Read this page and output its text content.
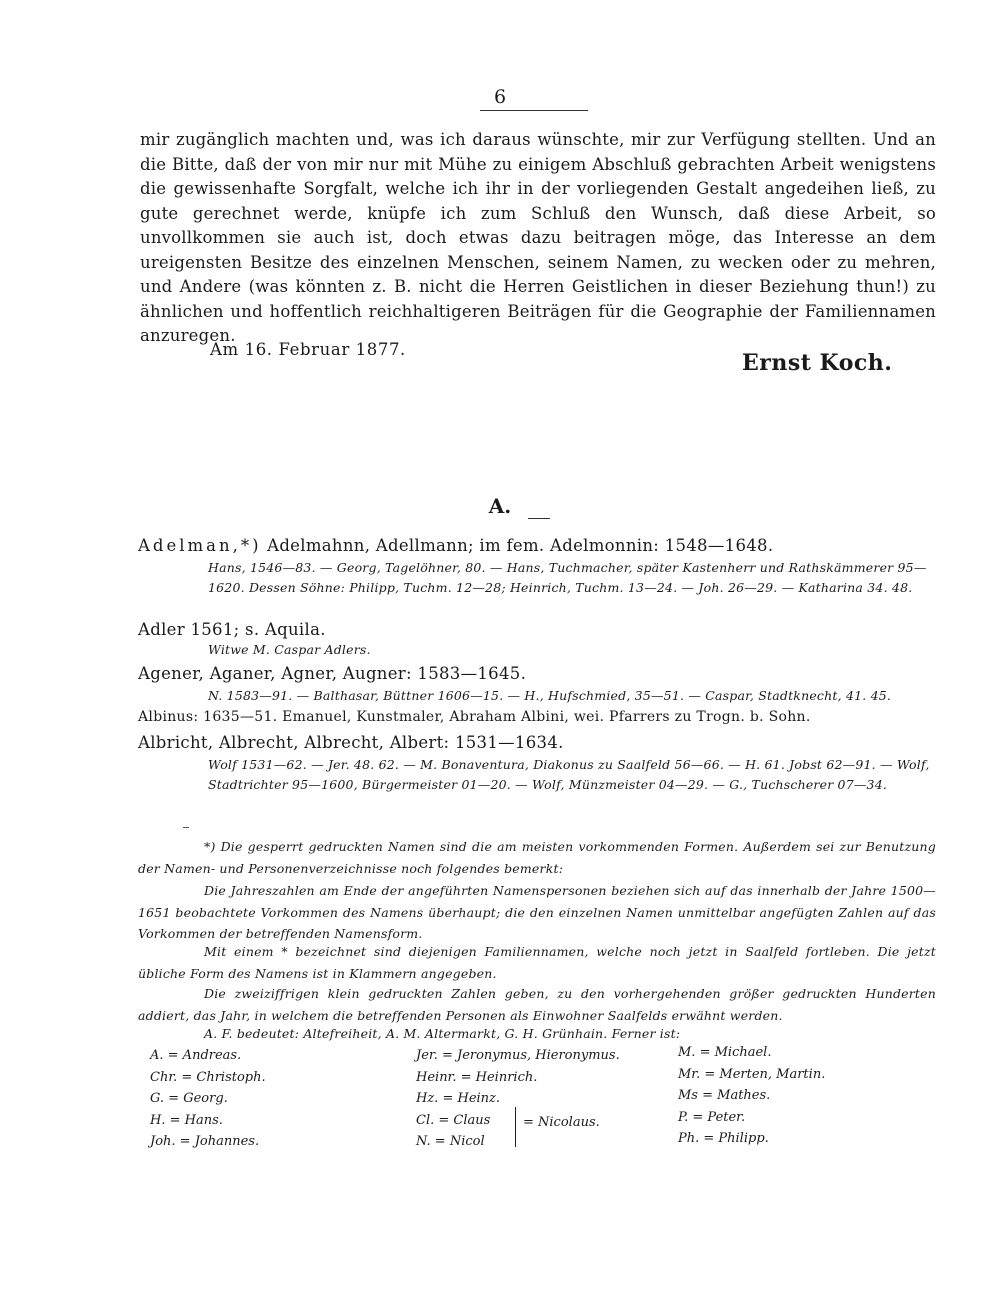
6
mir zugänglich machten und, was ich daraus wünschte, mir zur Verfügung stellten. Und an die Bitte, daß der von mir nur mit Mühe zu einigem Abschluß gebrachten Arbeit wenigstens die gewissenhafte Sorgfalt, welche ich ihr in der vorliegenden Gestalt angedeihen ließ, zu gute gerechnet werde, knüpfe ich zum Schluß den Wunsch, daß diese Arbeit, so unvollkommen sie auch ist, doch etwas dazu beitragen möge, das Interesse an dem ureigensten Besitze des einzelnen Menschen, seinem Namen, zu wecken oder zu mehren, und Andere (was könnten z. B. nicht die Herren Geistlichen in dieser Beziehung thun!) zu ähnlichen und hoffentlich reichhaltigeren Beiträgen für die Geographie der Familiennamen anzuregen.
Am 16. Februar 1877.
Ernst Koch.
A.
Adelman,*) Adelmahnn, Adellmann; im fem. Adelmonnin: 1548—1648.
Hans, 1546—83. — Georg, Tagelöhner, 80. — Hans, Tuchmacher, später Kastenherr und Rathskämmerer 95—1620. Dessen Söhne: Philipp, Tuchm. 12—28; Heinrich, Tuchm. 13—24. — Joh. 26—29. — Katharina 34. 48.
Adler 1561; s. Aquila.
Witwe M. Caspar Adlers.
Agener, Aganer, Agner, Augner: 1583—1645.
N. 1583—91. — Balthasar, Büttner 1606—15. — H., Hufschmied, 35—51. — Caspar, Stadtknecht, 41. 45.
Albinus: 1635—51. Emanuel, Kunstmaler, Abraham Albini, wei. Pfarrers zu Trogn. b. Sohn.
Albricht, Albrecht, Albrecht, Albert: 1531—1634.
Wolf 1531—62. — Jer. 48. 62. — M. Bonaventura, Diakonus zu Saalfeld 56—66. — H. 61. Jobst 62—91. — Wolf, Stadtrichter 95—1600, Bürgermeister 01—20. — Wolf, Münzmeister 04—29. — G., Tuchscherer 07—34.
*) Die gesperrt gedruckten Namen sind die am meisten vorkommenden Formen. Außerdem sei zur Benutzung der Namen- und Personenverzeichnisse noch folgendes bemerkt:
Die Jahreszahlen am Ende der angeführten Namenspersonen beziehen sich auf das innerhalb der Jahre 1500—1651 beobachtete Vorkommen des Namens überhaupt; die den einzelnen Namen unmittelbar angefügten Zahlen auf das Vorkommen der betreffenden Namensform.
Mit einem * bezeichnet sind diejenigen Familiennamen, welche noch jetzt in Saalfeld fortleben. Die jetzt übliche Form des Namens ist in Klammern angegeben.
Die zweiziffrigen klein gedruckten Zahlen geben, zu den vorhergehenden größer gedruckten Hunderten addiert, das Jahr, in welchem die betreffenden Personen als Einwohner Saalfelds erwähnt werden.
A. F. bedeutet: Altefreiheit, A. M. Altermarkt, G. H. Grünhain. Ferner ist:
A. = Andreas.
Chr. = Christoph.
G. = Georg.
H. = Hans.
Joh. = Johannes.
Jer. = Jeronymus, Hieronymus.
Heinr. = Heinrich.
Hz. = Heinz.
Cl. = Claus
N. = Nicol
= Nicolaus.
M. = Michael.
Mr. = Merten, Martin.
Ms = Mathes.
P. = Peter.
Ph. = Philipp.
